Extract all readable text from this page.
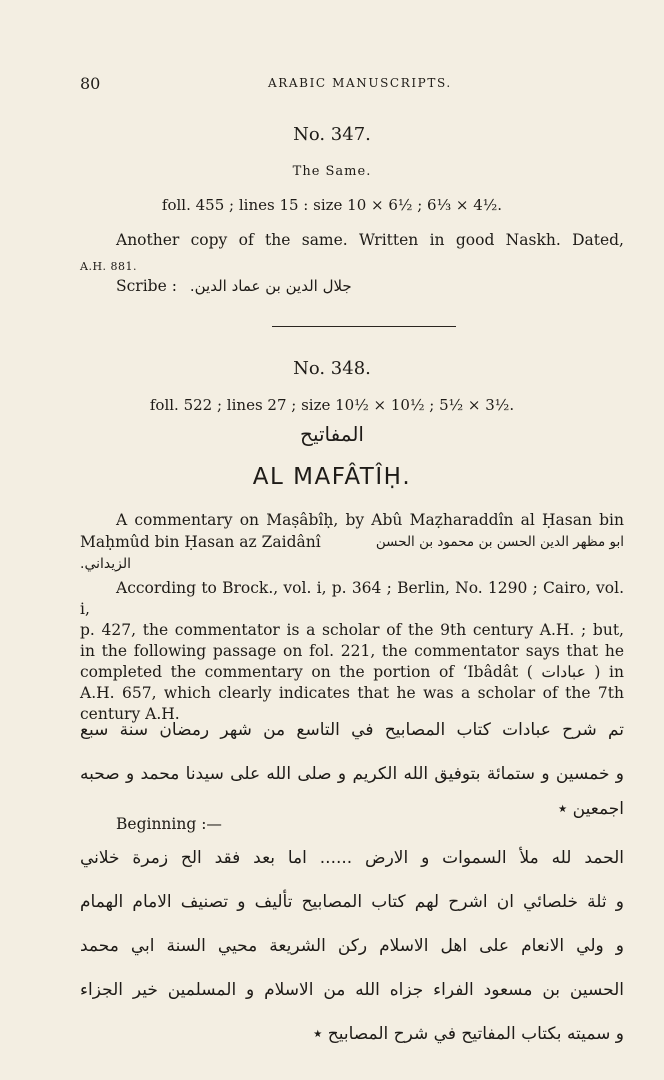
80	ARABIC MANUSCRIPTS.
No. 347.
The Same.
foll. 455 ; lines 15 : size 10 × 6½ ; 6⅓ × 4½.
Another copy of the same. Written in good Naskh. Dated,
A.H. 881.
Scribe : جلال الدين بن عماد الدين.
No. 348.
foll. 522 ; lines 27 ; size 10½ × 10½ ; 5½ × 3½.
المفاتيح
AL MAFÂTÎḤ.
A commentary on Maṣâbîḥ, by Abû Maẓharaddîn al Ḥasan bin
Maḥmûd bin Ḥasan az Zaidânî	ابو مظهر الدين الحسن بن محمود بن الحسن
الزيداني.
According to Brock., vol. i, p. 364 ; Berlin, No. 1290 ; Cairo, vol. i,
p. 427, the commentator is a scholar of the 9th century A.H. ; but,
in the following passage on fol. 221, the commentator says that he
completed the commentary on the portion of ‘Ibâdât ( عبادات ) in
A.H. 657, which clearly indicates that he was a scholar of the 7th
century A.H.
تم شرح عبادات كتاب المصابيح في التاسع من شهر رمضان سنة سبع
و خمسين و ستمائة بتوفيق الله الكريم و صلى الله على سيدنا محمد و صحبه
اجمعين ٭
Beginning :—
الحمد لله ملأ السموات و الارض ...... اما بعد فقد الح زمرة خلاني
و ثلة خلصائي ان اشرح لهم كتاب المصابيح تأليف و تصنيف الامام الهمام
و ولي الانعام على اهل الاسلام ركن الشريعة محيي السنة ابي محمد
الحسين بن مسعود الفراء جزاه الله من الاسلام و المسلمين خير الجزاء
و سميته بكتاب المفاتيح في شرح المصابيح ٭
